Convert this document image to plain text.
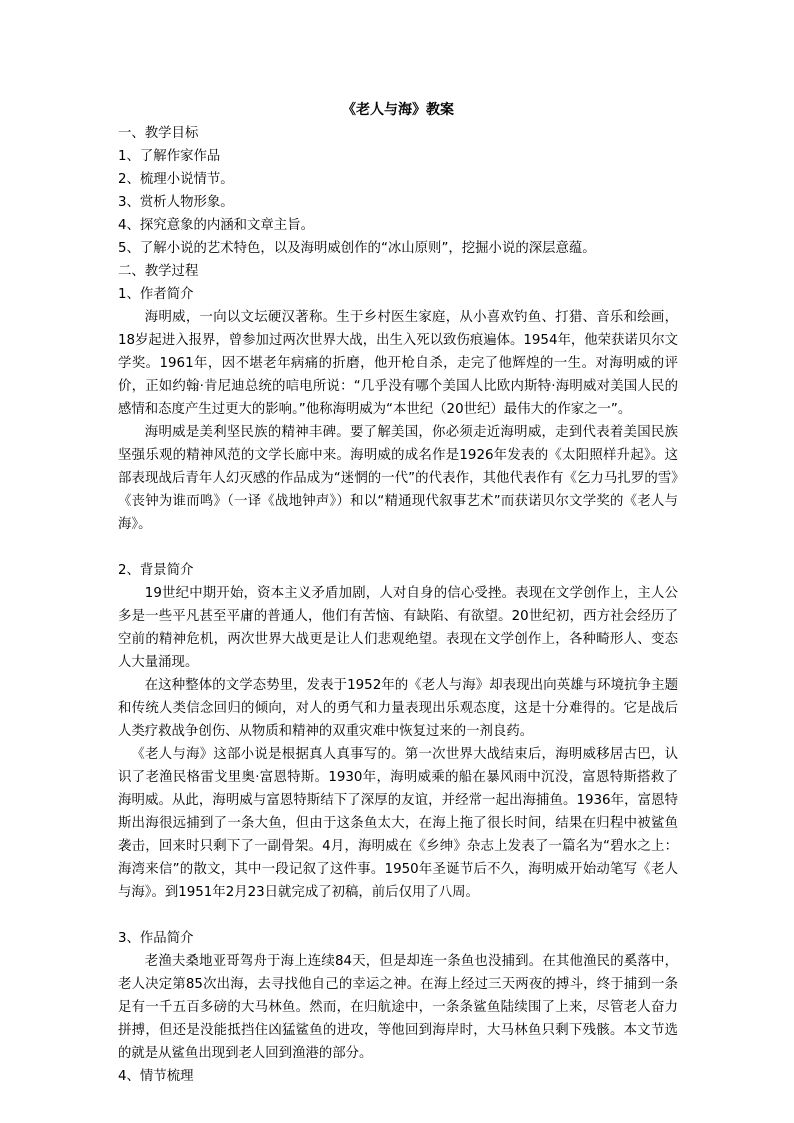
《老人与海》教案

一、教学目标

1、了解作家作品

2、梳理小说情节。

3、赏析人物形象。

4、探究意象的内涵和文章主旨。

5、了解小说的艺术特色，以及海明威创作的“冰山原则”，挖掘小说的深层意蕴。

二、教学过程

1、作者简介

海明威，一向以文坛硬汉著称。生于乡村医生家庭，从小喜欢钓鱼、打猎、音乐和绘画，18岁起进入报界，曾参加过两次世界大战，出生入死以致伤痕遍体。1954年，他荣获诺贝尔文学奖。1961年，因不堪老年病痛的折磨，他开枪自杀，走完了他辉煌的一生。对海明威的评价，正如约翰·肯尼迪总统的唁电所说：“几乎没有哪个美国人比欧内斯特·海明威对美国人民的感情和态度产生过更大的影响。”他称海明威为“本世纪（20世纪）最伟大的作家之一”。

海明威是美利坚民族的精神丰碑。要了解美国，你必须走近海明威，走到代表着美国民族坚强乐观的精神风范的文学长廊中来。海明威的成名作是1926年发表的《太阳照样升起》。这部表现战后青年人幻灭感的作品成为“迷惘的一代”的代表作，其他代表作有《乞力马扎罗的雪》《丧钟为谁而鸣》（一译《战地钟声》）和以“精通现代叙事艺术”而获诺贝尔文学奖的《老人与海》。

2、背景简介

19世纪中期开始，资本主义矛盾加剧，人对自身的信心受挫。表现在文学创作上，主人公多是一些平凡甚至平庸的普通人，他们有苦恼、有缺陷、有欲望。20世纪初，西方社会经历了空前的精神危机，两次世界大战更是让人们悲观绝望。表现在文学创作上，各种畸形人、变态人大量涌现。

在这种整体的文学态势里，发表于1952年的《老人与海》却表现出向英雄与环境抗争主题和传统人类信念回归的倾向，对人的勇气和力量表现出乐观态度，这是十分难得的。它是战后人类疗救战争创伤、从物质和精神的双重灾难中恢复过来的一剂良药。

《老人与海》这部小说是根据真人真事写的。第一次世界大战结束后，海明威移居古巴，认识了老渔民格雷戈里奥·富恩特斯。1930年，海明威乘的船在暴风雨中沉没，富恩特斯搭救了海明威。从此，海明威与富恩特斯结下了深厚的友谊，并经常一起出海捕鱼。1936年，富恩特斯出海很远捕到了一条大鱼，但由于这条鱼太大，在海上拖了很长时间，结果在归程中被鲨鱼袭击，回来时只剩下了一副骨架。4月，海明威在《乡绅》杂志上发表了一篇名为“碧水之上：海湾来信”的散文，其中一段记叙了这件事。1950年圣诞节后不久，海明威开始动笔写《老人与海》。到1951年2月23日就完成了初稿，前后仅用了八周。

3、作品简介

老渔夫桑地亚哥驾舟于海上连续84天，但是却连一条鱼也没捕到。在其他渔民的奚落中，老人决定第85次出海，去寻找他自己的幸运之神。在海上经过三天两夜的搏斗，终于捕到一条足有一千五百多磅的大马林鱼。然而，在归航途中，一条条鲨鱼陆续围了上来，尽管老人奋力拼搏，但还是没能抵挡住凶猛鲨鱼的进攻，等他回到海岸时，大马林鱼只剩下残骸。本文节选的就是从鲨鱼出现到老人回到渔港的部分。

4、情节梳理
